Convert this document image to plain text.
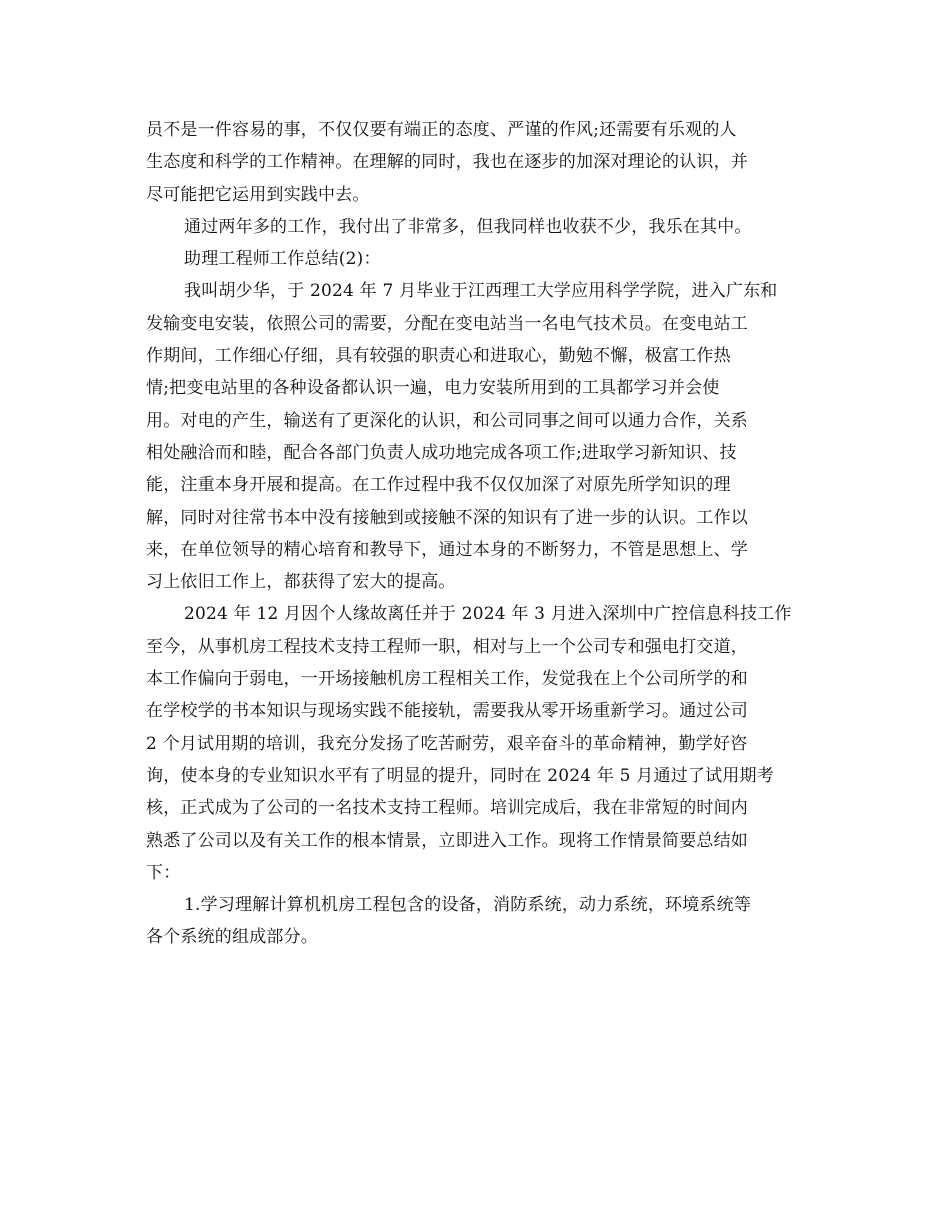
员不是一件容易的事，不仅仅要有端正的态度、严谨的作风;还需要有乐观的人
生态度和科学的工作精神。在理解的同时，我也在逐步的加深对理论的认识，并
尽可能把它运用到实践中去。
通过两年多的工作，我付出了非常多，但我同样也收获不少，我乐在其中。
助理工程师工作总结(2)：
我叫胡少华，于 2024 年 7 月毕业于江西理工大学应用科学学院，进入广东和
发输变电安装，依照公司的需要，分配在变电站当一名电气技术员。在变电站工
作期间，工作细心仔细，具有较强的职责心和进取心，勤勉不懈，极富工作热
情;把变电站里的各种设备都认识一遍，电力安装所用到的工具都学习并会使
用。对电的产生，输送有了更深化的认识，和公司同事之间可以通力合作，关系
相处融洽而和睦，配合各部门负责人成功地完成各项工作;进取学习新知识、技
能，注重本身开展和提高。在工作过程中我不仅仅加深了对原先所学知识的理
解，同时对往常书本中没有接触到或接触不深的知识有了进一步的认识。工作以
来，在单位领导的精心培育和教导下，通过本身的不断努力，不管是思想上、学
习上依旧工作上，都获得了宏大的提高。
2024 年 12 月因个人缘故离任并于 2024 年 3 月进入深圳中广控信息科技工作
至今，从事机房工程技术支持工程师一职，相对与上一个公司专和强电打交道，
本工作偏向于弱电，一开场接触机房工程相关工作，发觉我在上个公司所学的和
在学校学的书本知识与现场实践不能接轨，需要我从零开场重新学习。通过公司
2 个月试用期的培训，我充分发扬了吃苦耐劳，艰辛奋斗的革命精神，勤学好咨
询，使本身的专业知识水平有了明显的提升，同时在 2024 年 5 月通过了试用期考
核，正式成为了公司的一名技术支持工程师。培训完成后，我在非常短的时间内
熟悉了公司以及有关工作的根本情景，立即进入工作。现将工作情景简要总结如
下：
1.学习理解计算机机房工程包含的设备，消防系统，动力系统，环境系统等
各个系统的组成部分。
